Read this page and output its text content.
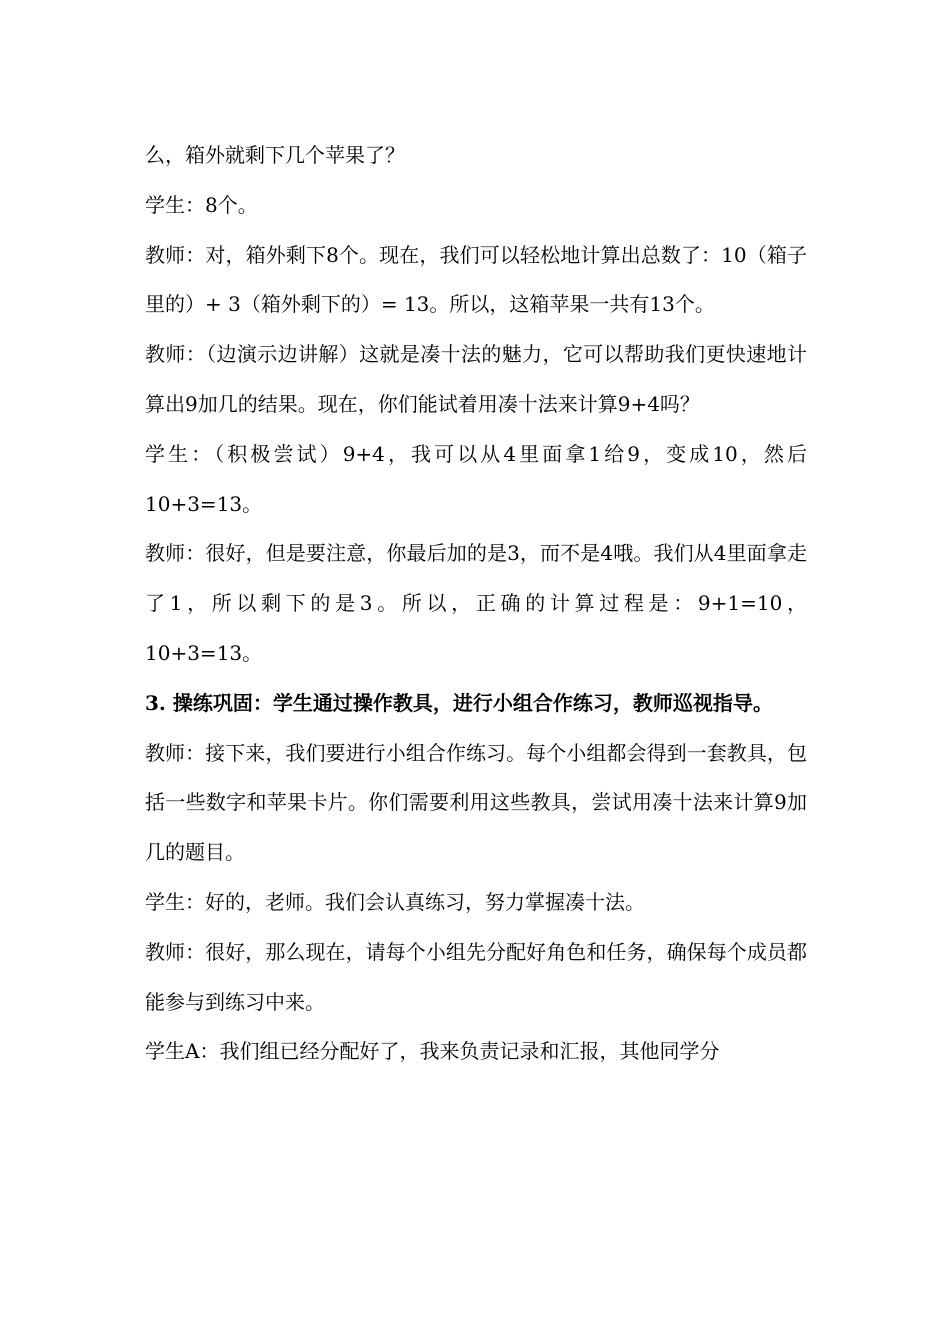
么，箱外就剩下几个苹果了？

学生：8个。

教师：对，箱外剩下8个。现在，我们可以轻松地计算出总数了：10（箱子里的）+ 3（箱外剩下的）= 13。所以，这箱苹果一共有13个。

教师：（边演示边讲解）这就是凑十法的魅力，它可以帮助我们更快速地计算出9加几的结果。现在，你们能试着用凑十法来计算9+4吗？

学生：（积极尝试）9+4，我可以从4里面拿1给9，变成10，然后10+3=13。

教师：很好，但是要注意，你最后加的是3，而不是4哦。我们从4里面拿走了1，所以剩下的是3。所以，正确的计算过程是：9+1=10，10+3=13。

3. 操练巩固：学生通过操作教具，进行小组合作练习，教师巡视指导。

教师：接下来，我们要进行小组合作练习。每个小组都会得到一套教具，包括一些数字和苹果卡片。你们需要利用这些教具，尝试用凑十法来计算9加几的题目。

学生：好的，老师。我们会认真练习，努力掌握凑十法。

教师：很好，那么现在，请每个小组先分配好角色和任务，确保每个成员都能参与到练习中来。

学生A：我们组已经分配好了，我来负责记录和汇报，其他同学分
